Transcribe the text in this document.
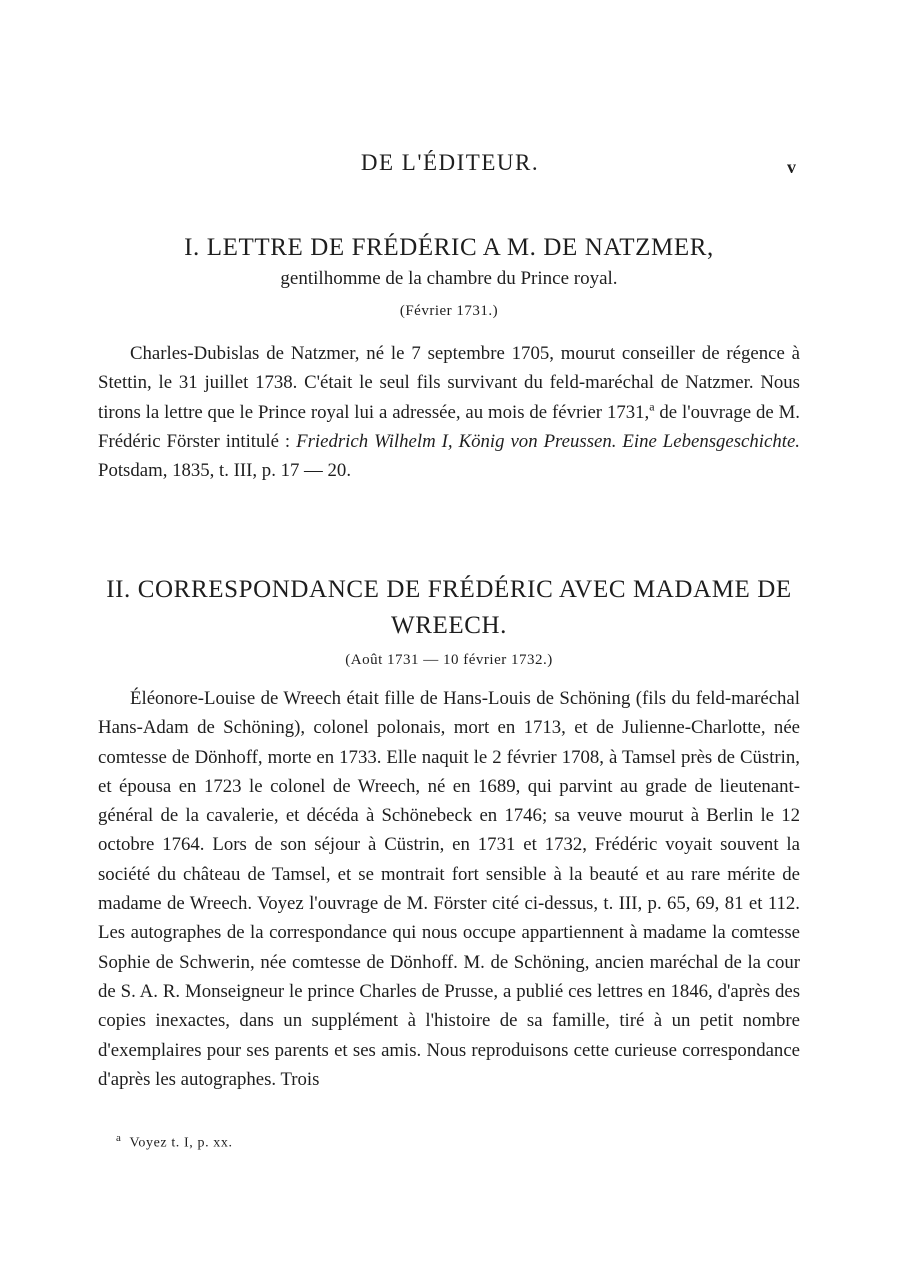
DE L'ÉDITEUR.	v
I. LETTRE DE FRÉDÉRIC A M. DE NATZMER,
gentilhomme de la chambre du Prince royal.
(Février 1731.)

Charles-Dubislas de Natzmer, né le 7 septembre 1705, mourut conseiller de régence à Stettin, le 31 juillet 1738. C'était le seul fils survivant du feld-maréchal de Natzmer. Nous tirons la lettre que le Prince royal lui a adressée, au mois de février 1731,$^a$ de l'ouvrage de M. Frédéric Förster intitulé : Friedrich Wilhelm I, König von Preussen. Eine Lebensgeschichte. Potsdam, 1835, t. III, p. 17 — 20.

II. CORRESPONDANCE DE FRÉDÉRIC AVEC MADAME DE WREECH.
(Août 1731 — 10 février 1732.)

Éléonore-Louise de Wreech était fille de Hans-Louis de Schöning (fils du feld-maréchal Hans-Adam de Schöning), colonel polonais, mort en 1713, et de Julienne-Charlotte, née comtesse de Dönhoff, morte en 1733. Elle naquit le 2 février 1708, à Tamsel près de Cüstrin, et épousa en 1723 le colonel de Wreech, né en 1689, qui parvint au grade de lieutenant-général de la cavalerie, et décéda à Schönebeck en 1746; sa veuve mourut à Berlin le 12 octobre 1764. Lors de son séjour à Cüstrin, en 1731 et 1732, Frédéric voyait souvent la société du château de Tamsel, et se montrait fort sensible à la beauté et au rare mérite de madame de Wreech. Voyez l'ouvrage de M. Förster cité ci-dessus, t. III, p. 65, 69, 81 et 112. Les autographes de la correspondance qui nous occupe appartiennent à madame la comtesse Sophie de Schwerin, née comtesse de Dönhoff. M. de Schöning, ancien maréchal de la cour de S. A. R. Monseigneur le prince Charles de Prusse, a publié ces lettres en 1846, d'après des copies inexactes, dans un supplément à l'histoire de sa famille, tiré à un petit nombre d'exemplaires pour ses parents et ses amis. Nous reproduisons cette curieuse correspondance d'après les autographes. Trois

$^a$ Voyez t. I, p. xx.
